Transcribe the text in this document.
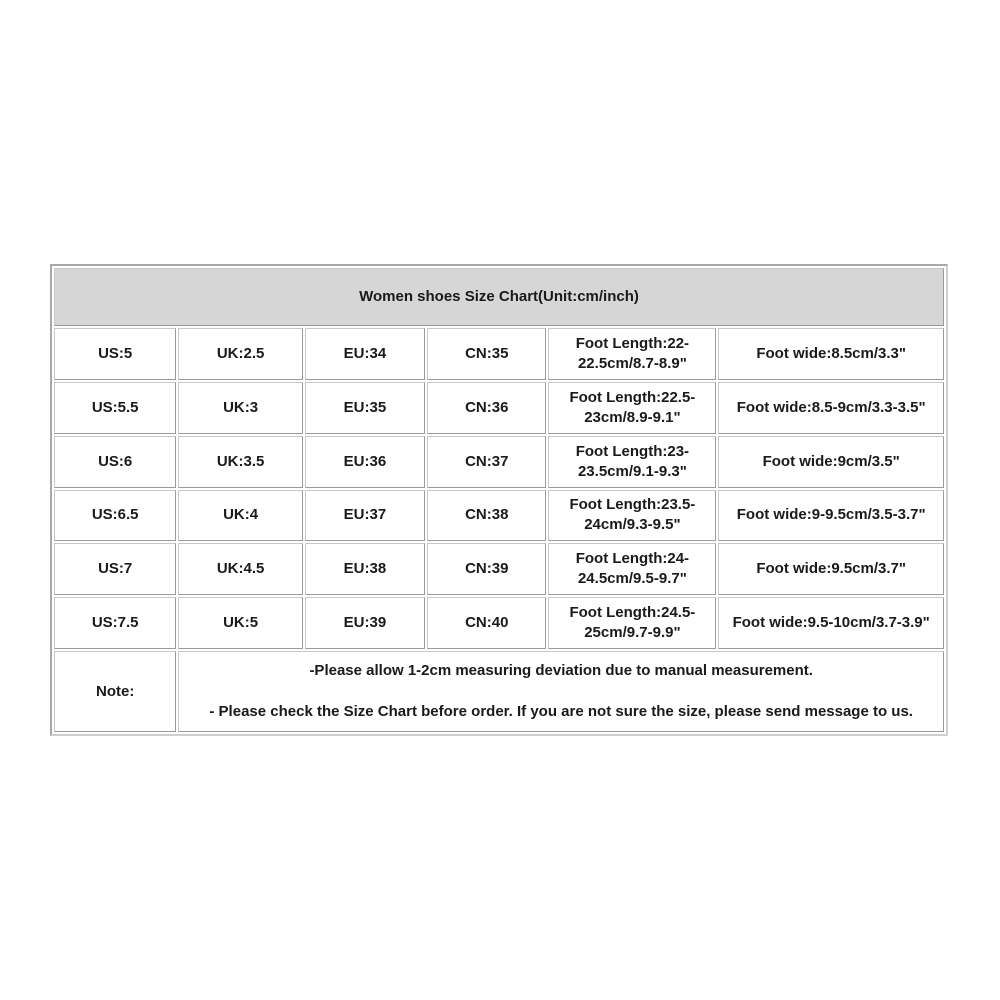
Women shoes Size Chart(Unit:cm/inch)					
US:5	UK:2.5	EU:34	CN:35	Foot Length:22-22.5cm/8.7-8.9"	Foot wide:8.5cm/3.3"
US:5.5	UK:3	EU:35	CN:36	Foot Length:22.5-23cm/8.9-9.1"	Foot wide:8.5-9cm/3.3-3.5"
US:6	UK:3.5	EU:36	CN:37	Foot Length:23-23.5cm/9.1-9.3"	Foot wide:9cm/3.5"
US:6.5	UK:4	EU:37	CN:38	Foot Length:23.5-24cm/9.3-9.5"	Foot wide:9-9.5cm/3.5-3.7"
US:7	UK:4.5	EU:38	CN:39	Foot Length:24-24.5cm/9.5-9.7"	Foot wide:9.5cm/3.7"
US:7.5	UK:5	EU:39	CN:40	Foot Length:24.5-25cm/9.7-9.9"	Foot wide:9.5-10cm/3.7-3.9"
Note:	-Please allow 1-2cm measuring deviation due to manual measurement.
- Please check the Size Chart before order. If you are not sure the size, please send message to us.				
